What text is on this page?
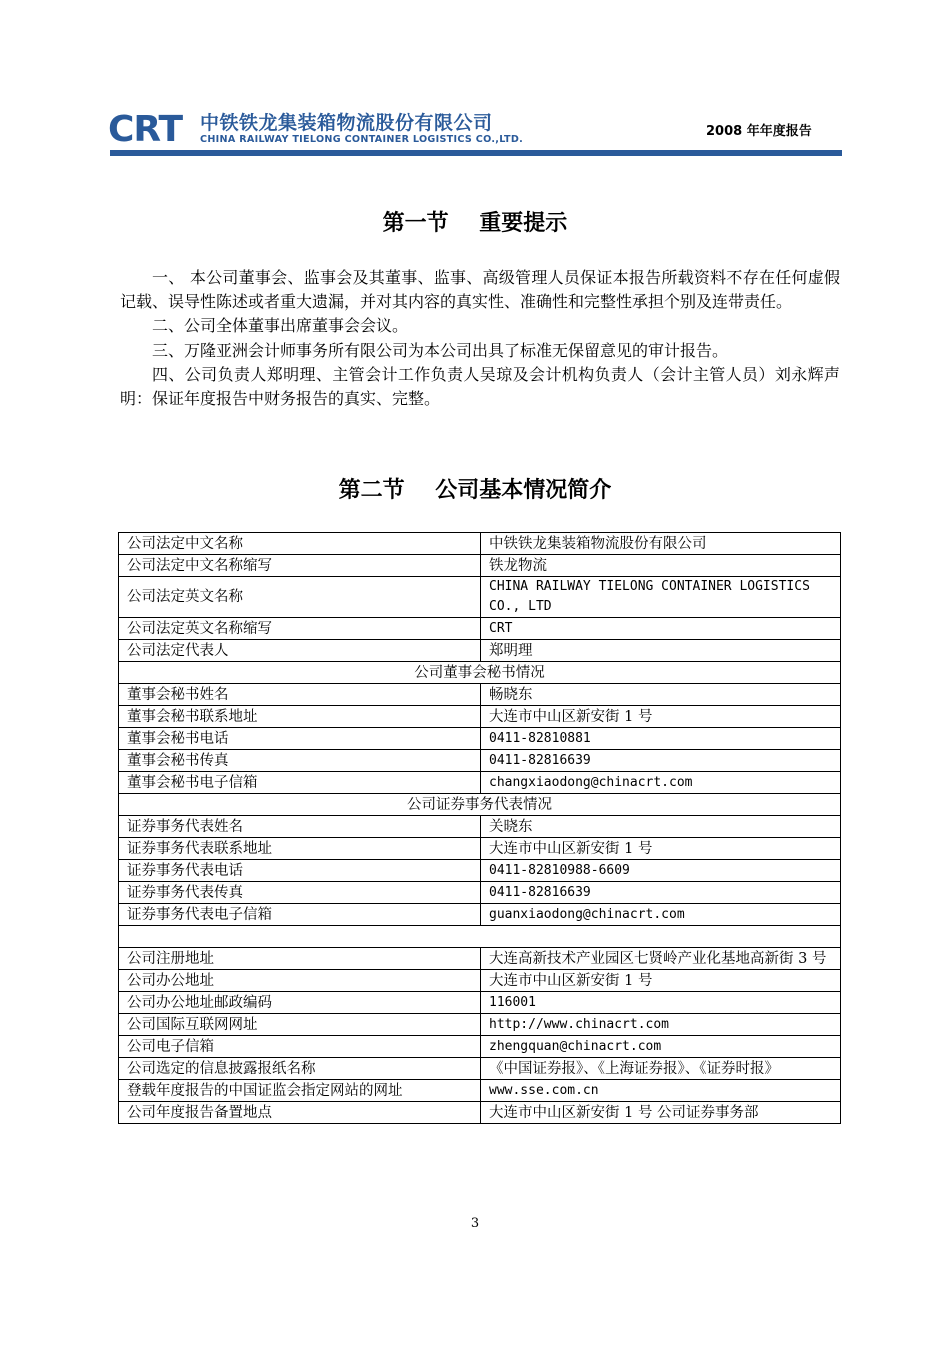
CRT 中铁铁龙集装箱物流股份有限公司
CHINA RAILWAY TIELONG CONTAINER LOGISTICS CO.,LTD.
2008 年年度报告
第一节    重要提示

一、 本公司董事会、监事会及其董事、监事、高级管理人员保证本报告所载资料不存在任何虚假记载、误导性陈述或者重大遗漏，并对其内容的真实性、准确性和完整性承担个别及连带责任。

二、公司全体董事出席董事会会议。

三、万隆亚洲会计师事务所有限公司为本公司出具了标准无保留意见的审计报告。

四、公司负责人郑明理、主管会计工作负责人吴琼及会计机构负责人（会计主管人员）刘永辉声明：保证年度报告中财务报告的真实、完整。

第二节    公司基本情况简介
公司法定中文名称	中铁铁龙集装箱物流股份有限公司
公司法定中文名称缩写	铁龙物流
公司法定英文名称	CHINA RAILWAY TIELONG CONTAINER LOGISTICS CO., LTD
公司法定英文名称缩写	CRT
公司法定代表人	郑明理
公司董事会秘书情况	
董事会秘书姓名	畅晓东
董事会秘书联系地址	大连市中山区新安街 1 号
董事会秘书电话	0411-82810881
董事会秘书传真	0411-82816639
董事会秘书电子信箱	changxiaodong@chinacrt.com
公司证券事务代表情况	
证券事务代表姓名	关晓东
证券事务代表联系地址	大连市中山区新安街 1 号
证券事务代表电话	0411-82810988-6609
证券事务代表传真	0411-82816639
证券事务代表电子信箱	guanxiaodong@chinacrt.com

公司注册地址	大连高新技术产业园区七贤岭产业化基地高新街 3 号
公司办公地址	大连市中山区新安街 1 号
公司办公地址邮政编码	116001
公司国际互联网网址	http://www.chinacrt.com
公司电子信箱	zhengquan@chinacrt.com
公司选定的信息披露报纸名称	《中国证券报》、《上海证券报》、《证券时报》
登载年度报告的中国证监会指定网站的网址	www.sse.com.cn
公司年度报告备置地点	大连市中山区新安街 1 号 公司证券事务部
3
